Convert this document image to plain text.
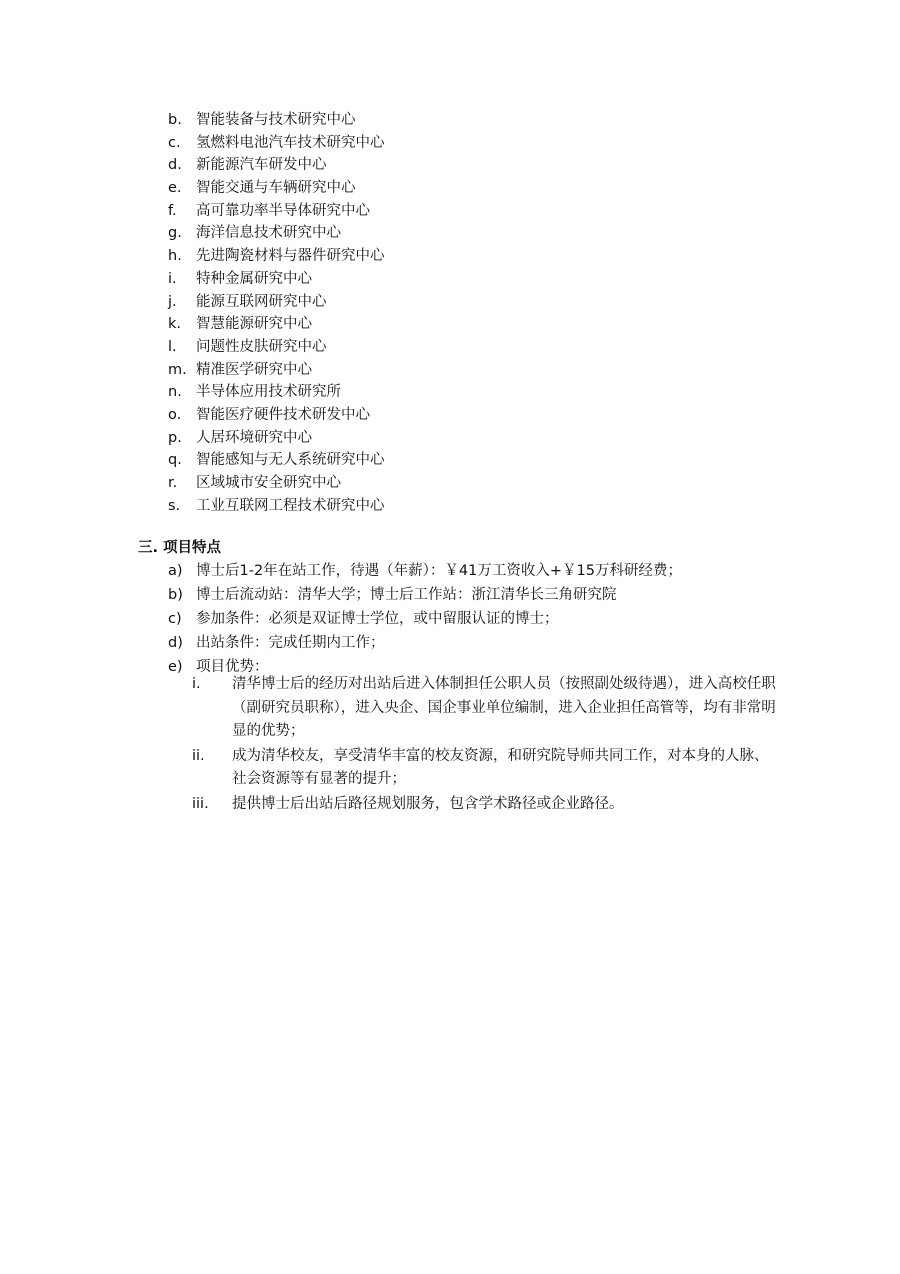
b. 智能装备与技术研究中心
c. 氢燃料电池汽车技术研究中心
d. 新能源汽车研发中心
e. 智能交通与车辆研究中心
f. 高可靠功率半导体研究中心
g. 海洋信息技术研究中心
h. 先进陶瓷材料与器件研究中心
i. 特种金属研究中心
j. 能源互联网研究中心
k. 智慧能源研究中心
l. 问题性皮肤研究中心
m. 精准医学研究中心
n. 半导体应用技术研究所
o. 智能医疗硬件技术研发中心
p. 人居环境研究中心
q. 智能感知与无人系统研究中心
r. 区域城市安全研究中心
s. 工业互联网工程技术研究中心
三. 项目特点
a) 博士后1-2年在站工作，待遇（年薪）：￥41万工资收入+￥15万科研经费；
b) 博士后流动站：清华大学；博士后工作站：浙江清华长三角研究院
c) 参加条件：必须是双证博士学位，或中留服认证的博士；
d) 出站条件：完成任期内工作；
e) 项目优势：
i. 清华博士后的经历对出站后进入体制担任公职人员（按照副处级待遇），进入高校任职（副研究员职称），进入央企、国企事业单位编制，进入企业担任高管等，均有非常明显的优势；
ii. 成为清华校友，享受清华丰富的校友资源，和研究院导师共同工作，对本身的人脉、社会资源等有显著的提升；
iii. 提供博士后出站后路径规划服务，包含学术路径或企业路径。
